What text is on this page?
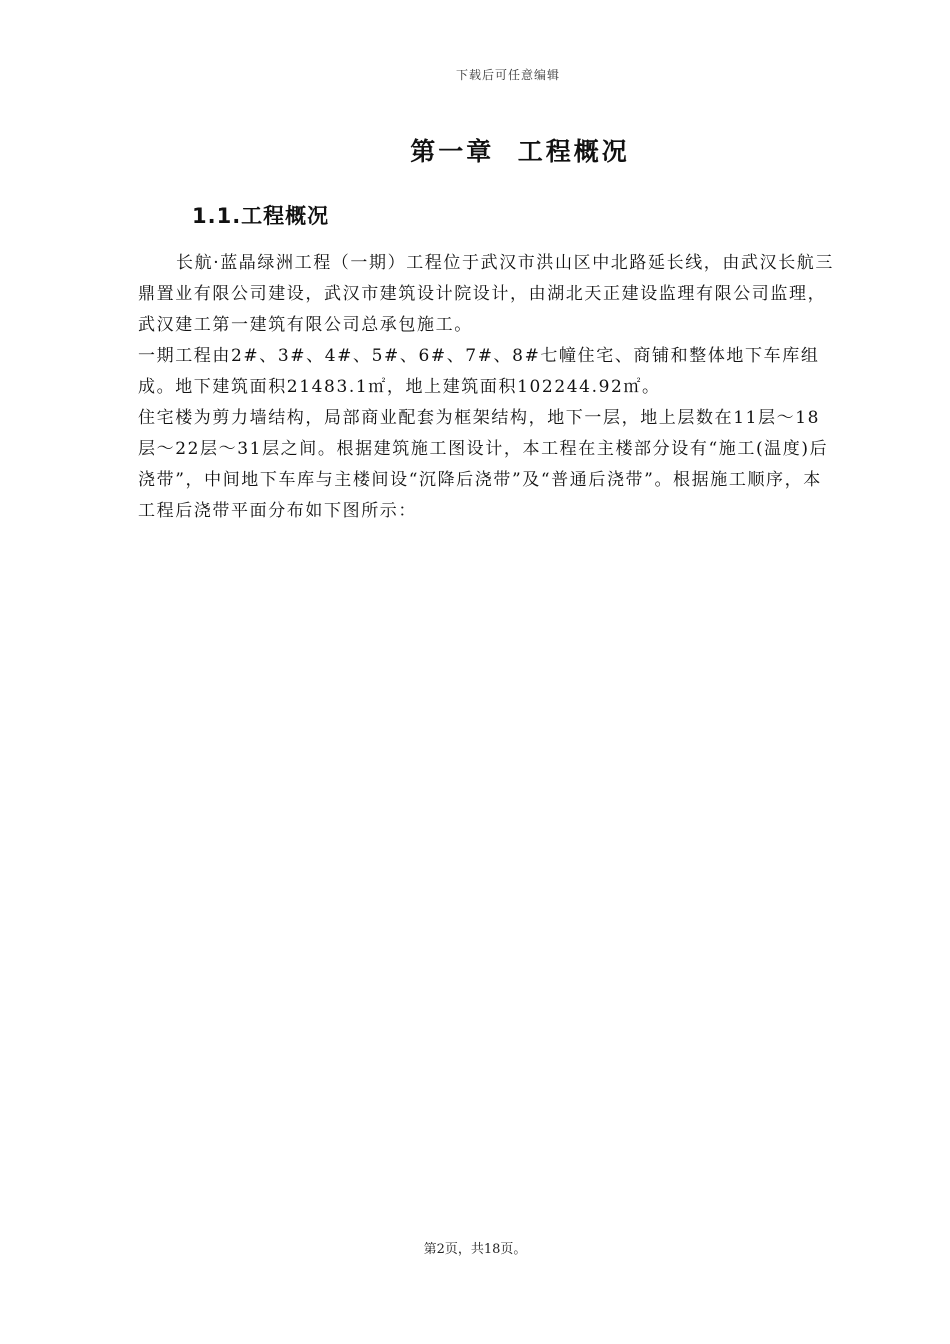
下载后可任意编辑
第一章  工程概况
1.1.工程概况

长航·蓝晶绿洲工程（一期）工程位于武汉市洪山区中北路延长线，由武汉长航三鼎置业有限公司建设，武汉市建筑设计院设计，由湖北天正建设监理有限公司监理，武汉建工第一建筑有限公司总承包施工。

一期工程由2#、3#、4#、5#、6#、7#、8#七幢住宅、商铺和整体地下车库组成。地下建筑面积21483.1㎡，地上建筑面积102244.92㎡。

住宅楼为剪力墙结构，局部商业配套为框架结构，地下一层，地上层数在11层～18层～22层～31层之间。根据建筑施工图设计，本工程在主楼部分设有“施工(温度)后浇带”，中间地下车库与主楼间设“沉降后浇带”及“普通后浇带”。根据施工顺序，本工程后浇带平面分布如下图所示：

第2页，共18页。
